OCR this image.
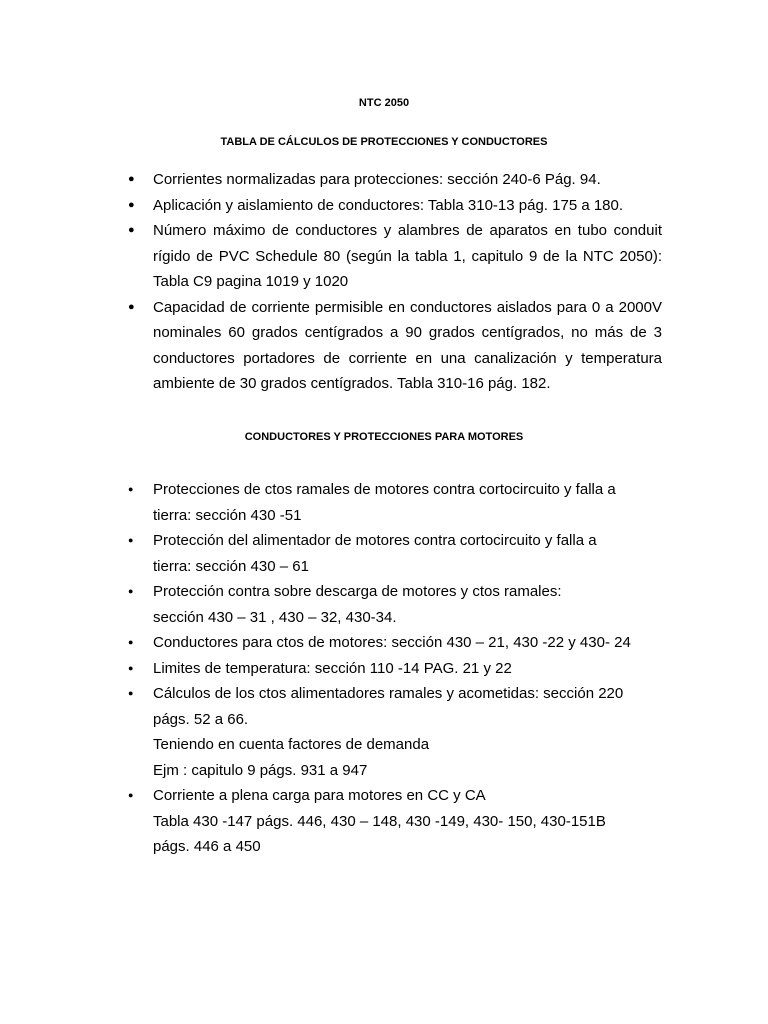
NTC 2050
TABLA DE CÁLCULOS DE PROTECCIONES Y CONDUCTORES
● Corrientes normalizadas para protecciones: sección 240-6 Pág. 94.
● Aplicación y aislamiento de conductores: Tabla 310-13 pág. 175 a 180.
● Número máximo de conductores y alambres de aparatos en tubo conduit rígido de PVC Schedule 80 (según la tabla 1, capitulo 9 de la NTC 2050): Tabla C9 pagina 1019 y 1020
● Capacidad de corriente permisible en conductores aislados para 0 a 2000V nominales 60 grados centígrados a 90 grados centígrados, no más de 3 conductores portadores de corriente en una canalización y temperatura ambiente de 30 grados centígrados. Tabla 310-16 pág. 182.
CONDUCTORES Y PROTECCIONES PARA MOTORES
● Protecciones de ctos ramales de motores contra cortocircuito y falla a
tierra: sección 430 -51
● Protección del alimentador de motores contra cortocircuito y falla a
tierra: sección 430 – 61
● Protección contra sobre descarga de motores y ctos ramales:
sección 430 – 31 , 430 – 32, 430-34.
● Conductores para ctos de motores: sección 430 – 21, 430 -22 y 430- 24
● Limites de temperatura: sección 110 -14 PAG. 21 y 22
● Cálculos de los ctos alimentadores ramales y acometidas: sección 220
págs. 52 a 66.
Teniendo en cuenta factores de demanda
Ejm : capitulo 9 págs. 931 a 947
● Corriente a plena carga para motores en CC y CA
Tabla 430 -147 págs. 446, 430 – 148, 430 -149, 430- 150, 430-151B
págs. 446 a 450
